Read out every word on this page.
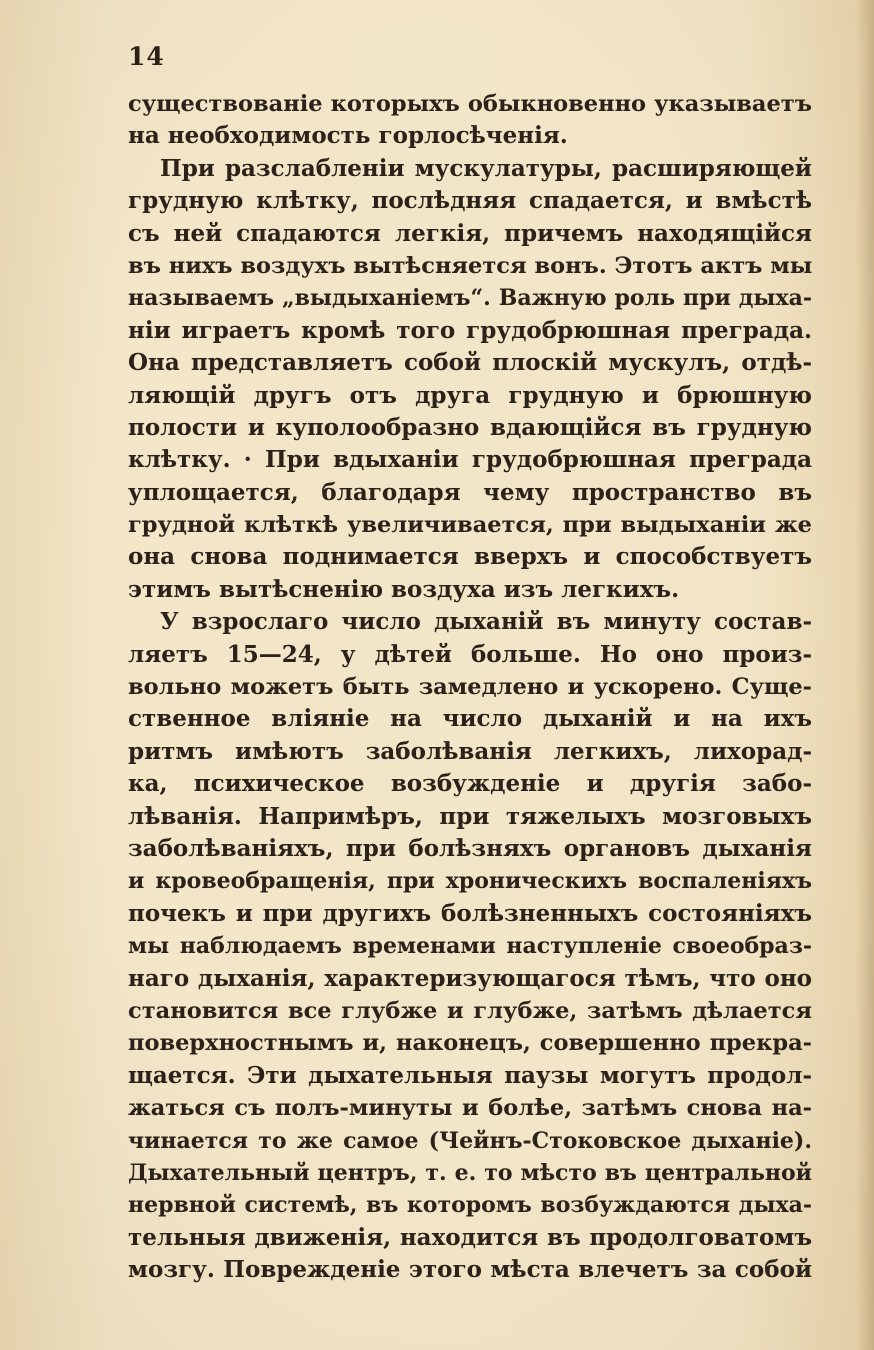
14
существованіе которыхъ обыкновенно указываетъ
на необходимость горлосѣченія.
При разслабленіи мускулатуры, расширяющей
грудную клѣтку, послѣдняя спадается, и вмѣстѣ
съ ней спадаются легкія, причемъ находящійся
въ нихъ воздухъ вытѣсняется вонъ. Этотъ актъ мы
называемъ „выдыханіемъ“. Важную роль при дыха-
ніи играетъ кромѣ того грудобрюшная преграда.
Она представляетъ собой плоскій мускулъ, отдѣ-
ляющій другъ отъ друга грудную и брюшную
полости и куполообразно вдающійся въ грудную
клѣтку. · При вдыханіи грудобрюшная преграда
уплощается, благодаря чему пространство въ
грудной клѣткѣ увеличивается, при выдыханіи же
она снова поднимается вверхъ и способствуетъ
этимъ вытѣсненію воздуха изъ легкихъ.
У взрослаго число дыханій въ минуту состав-
ляетъ 15—24, у дѣтей больше. Но оно произ-
вольно можетъ быть замедлено и ускорено. Суще-
ственное вліяніе на число дыханій и на ихъ
ритмъ имѣютъ заболѣванія легкихъ, лихорад-
ка, психическое возбужденіе и другія забо-
лѣванія. Напримѣръ, при тяжелыхъ мозговыхъ
заболѣваніяхъ, при болѣзняхъ органовъ дыханія
и кровеобращенія, при хроническихъ воспаленіяхъ
почекъ и при другихъ болѣзненныхъ состояніяхъ
мы наблюдаемъ временами наступленіе своеобраз-
наго дыханія, характеризующагося тѣмъ, что оно
становится все глубже и глубже, затѣмъ дѣлается
поверхностнымъ и, наконецъ, совершенно прекра-
щается. Эти дыхательныя паузы могутъ продол-
жаться съ полъ-минуты и болѣе, затѣмъ снова на-
чинается то же самое (Чейнъ-Стоковское дыханіе).
Дыхательный центръ, т. е. то мѣсто въ центральной
нервной системѣ, въ которомъ возбуждаются дыха-
тельныя движенія, находится въ продолговатомъ
мозгу. Поврежденіе этого мѣста влечетъ за собой
